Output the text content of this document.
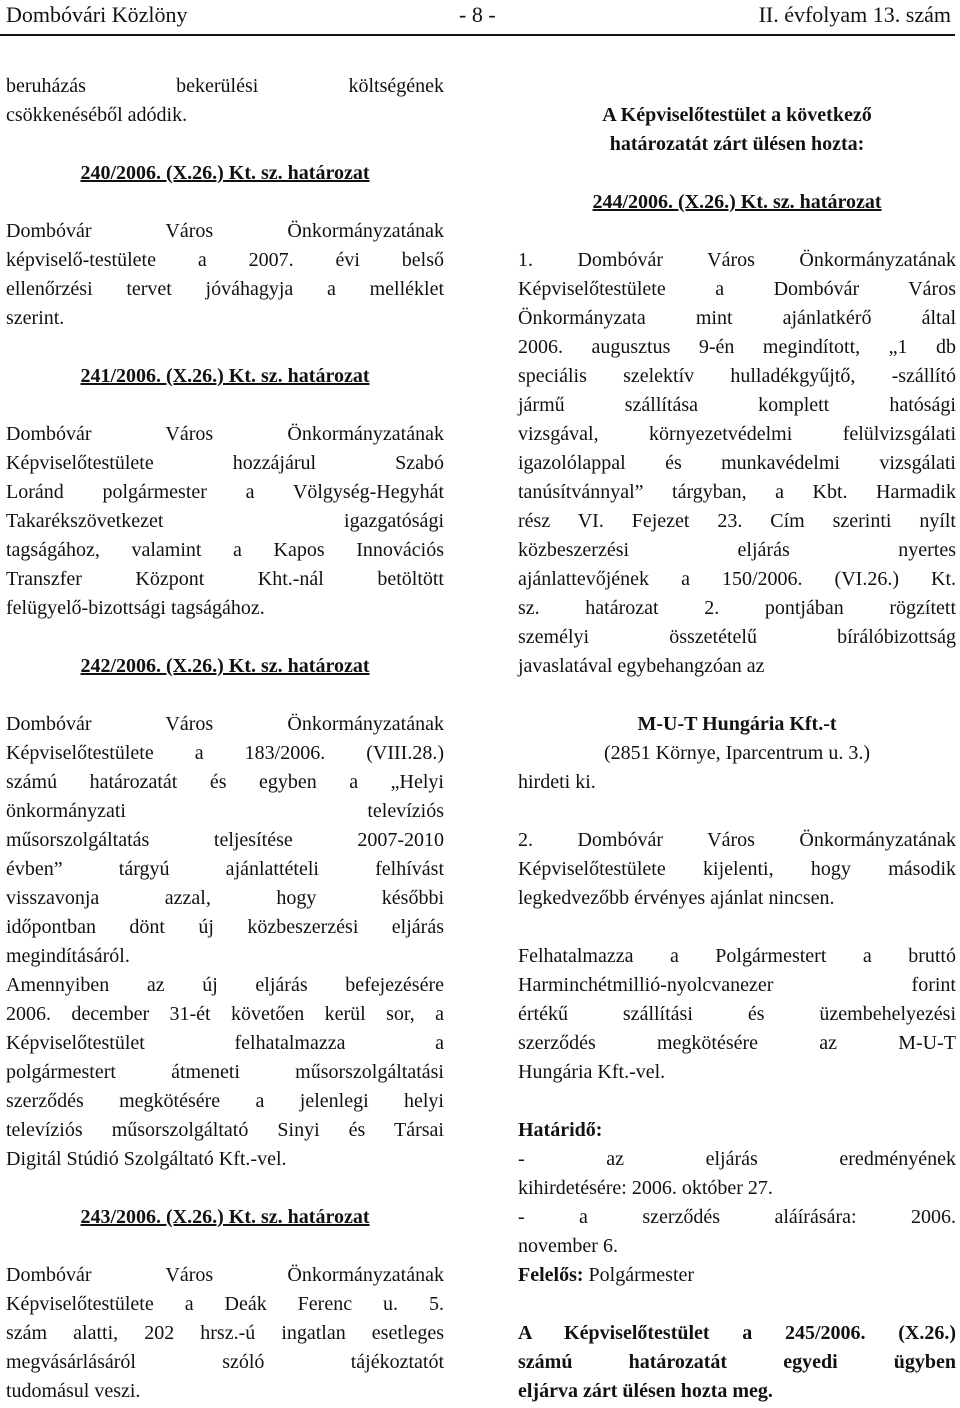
Dombóvári Közlöny	- 8 -	II. évfolyam 13. szám

beruházás bekerülési költségének

csökkenéséből adódik.

240/2006. (X.26.) Kt. sz. határozat

Dombóvár Város Önkormányzatának

képviselő-testülete a 2007. évi belső

ellenőrzési tervet jóváhagyja a melléklet

szerint.

241/2006. (X.26.) Kt. sz. határozat

Dombóvár Város Önkormányzatának

Képviselőtestülete hozzájárul Szabó

Loránd polgármester a Völgység-Hegyhát

Takarékszövetkezet igazgatósági

tagságához, valamint a Kapos Innovációs

Transzfer Központ Kht.-nál betöltött

felügyelő-bizottsági tagságához.

242/2006. (X.26.) Kt. sz. határozat

Dombóvár Város Önkormányzatának

Képviselőtestülete a 183/2006. (VIII.28.)

számú határozatát és egyben a „Helyi

önkormányzati televíziós

műsorszolgáltatás teljesítése 2007-2010

évben” tárgyú ajánlattételi felhívást

visszavonja azzal, hogy későbbi

időpontban dönt új közbeszerzési eljárás

megindításáról.

Amennyiben az új eljárás befejezésére

2006. december 31-ét követően kerül sor, a

Képviselőtestület felhatalmazza a

polgármestert átmeneti műsorszolgáltatási

szerződés megkötésére a jelenlegi helyi

televíziós műsorszolgáltató Sinyi és Társai

Digitál Stúdió Szolgáltató Kft.-vel.

243/2006. (X.26.) Kt. sz. határozat

Dombóvár Város Önkormányzatának

Képviselőtestülete a Deák Ferenc u. 5.

szám alatti, 202 hrsz.-ú ingatlan esetleges

megvásárlásáról szóló tájékoztatót

tudomásul veszi.

A Képviselőtestület a következő

határozatát zárt ülésen hozta:

244/2006. (X.26.) Kt. sz. határozat

1. Dombóvár Város Önkormányzatának

Képviselőtestülete a Dombóvár Város

Önkormányzata mint ajánlatkérő által

2006. augusztus 9-én megindított, „1 db

speciális szelektív hulladékgyűjtő, -szállító

jármű szállítása komplett hatósági

vizsgával, környezetvédelmi felülvizsgálati

igazolólappal és munkavédelmi vizsgálati

tanúsítvánnyal” tárgyban, a Kbt. Harmadik

rész VI. Fejezet 23. Cím szerinti nyílt

közbeszerzési eljárás nyertes

ajánlattevőjének a 150/2006. (VI.26.) Kt.

sz. határozat 2. pontjában rögzített

személyi összetételű bírálóbizottság

javaslatával egybehangzóan az

M-U-T Hungária Kft.-t

(2851 Környe, Iparcentrum u. 3.)

hirdeti ki.

2. Dombóvár Város Önkormányzatának

Képviselőtestülete kijelenti, hogy második

legkedvezőbb érvényes ajánlat nincsen.

Felhatalmazza a Polgármestert a bruttó

Harminchétmillió-nyolcvanezer forint

értékű szállítási és üzembehelyezési

szerződés megkötésére az M-U-T

Hungária Kft.-vel.

Határidő:

- az eljárás eredményének

kihirdetésére: 2006. október 27.

- a szerződés aláírására: 2006.

november 6.

Felelős: Polgármester

A Képviselőtestület a 245/2006. (X.26.)

számú határozatát egyedi ügyben

eljárva zárt ülésen hozta meg.
